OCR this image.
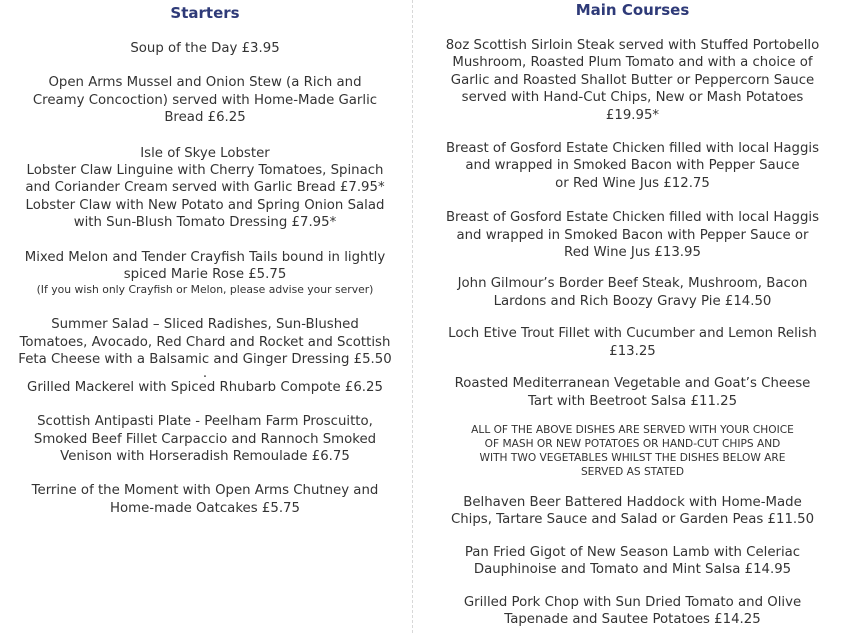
Starters

Soup of the Day £3.95

Open Arms Mussel and Onion Stew (a Rich and
Creamy Concoction) served with Home-Made Garlic
Bread £6.25

Isle of Skye Lobster
Lobster Claw Linguine with Cherry Tomatoes, Spinach
and Coriander Cream served with Garlic Bread £7.95*
Lobster Claw with New Potato and Spring Onion Salad
with Sun-Blush Tomato Dressing £7.95*

Mixed Melon and Tender Crayfish Tails bound in lightly
spiced Marie Rose £5.75
(If you wish only Crayfish or Melon, please advise your server)

Summer Salad – Sliced Radishes, Sun-Blushed
Tomatoes, Avocado, Red Chard and Rocket and Scottish
Feta Cheese with a Balsamic and Ginger Dressing £5.50
.

Grilled Mackerel with Spiced Rhubarb Compote £6.25

Scottish Antipasti Plate - Peelham Farm Proscuitto,
Smoked Beef Fillet Carpaccio and Rannoch Smoked
Venison with Horseradish Remoulade £6.75

Terrine of the Moment with Open Arms Chutney and
Home-made Oatcakes £5.75

Main Courses

8oz Scottish Sirloin Steak served with Stuffed Portobello
Mushroom, Roasted Plum Tomato and with a choice of
Garlic and Roasted Shallot Butter or Peppercorn Sauce
served with Hand-Cut Chips, New or Mash Potatoes
£19.95*

Breast of Gosford Estate Chicken filled with local Haggis
and wrapped in Smoked Bacon with Pepper Sauce
or Red Wine Jus £12.75

Breast of Gosford Estate Chicken filled with local Haggis
and wrapped in Smoked Bacon with Pepper Sauce or
Red Wine Jus £13.95

John Gilmour’s Border Beef Steak, Mushroom, Bacon
Lardons and Rich Boozy Gravy Pie £14.50

Loch Etive Trout Fillet with Cucumber and Lemon Relish
£13.25

Roasted Mediterranean Vegetable and Goat’s Cheese
Tart with Beetroot Salsa £11.25

ALL OF THE ABOVE DISHES ARE SERVED WITH YOUR CHOICE
OF MASH OR NEW POTATOES OR HAND-CUT CHIPS AND
WITH TWO VEGETABLES WHILST THE DISHES BELOW ARE
SERVED AS STATED

Belhaven Beer Battered Haddock with Home-Made
Chips, Tartare Sauce and Salad or Garden Peas £11.50

Pan Fried Gigot of New Season Lamb with Celeriac
Dauphinoise and Tomato and Mint Salsa £14.95

Grilled Pork Chop with Sun Dried Tomato and Olive
Tapenade and Sautee Potatoes £14.25
